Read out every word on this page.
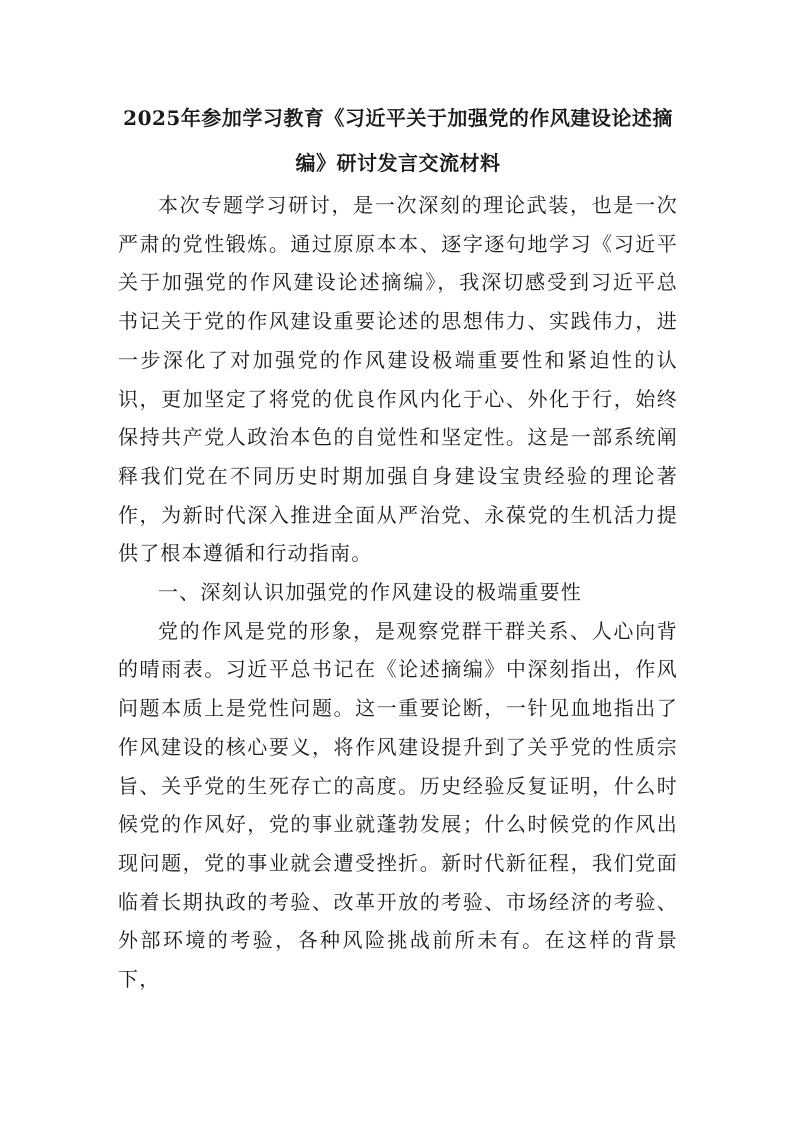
2025年参加学习教育《习近平关于加强党的作风建设论述摘编》研讨发言交流材料

本次专题学习研讨，是一次深刻的理论武装，也是一次严肃的党性锻炼。通过原原本本、逐字逐句地学习《习近平关于加强党的作风建设论述摘编》，我深切感受到习近平总书记关于党的作风建设重要论述的思想伟力、实践伟力，进一步深化了对加强党的作风建设极端重要性和紧迫性的认识，更加坚定了将党的优良作风内化于心、外化于行，始终保持共产党人政治本色的自觉性和坚定性。这是一部系统阐释我们党在不同历史时期加强自身建设宝贵经验的理论著作，为新时代深入推进全面从严治党、永葆党的生机活力提供了根本遵循和行动指南。

一、深刻认识加强党的作风建设的极端重要性

党的作风是党的形象，是观察党群干群关系、人心向背的晴雨表。习近平总书记在《论述摘编》中深刻指出，作风问题本质上是党性问题。这一重要论断，一针见血地指出了作风建设的核心要义，将作风建设提升到了关乎党的性质宗旨、关乎党的生死存亡的高度。历史经验反复证明，什么时候党的作风好，党的事业就蓬勃发展；什么时候党的作风出现问题，党的事业就会遭受挫折。新时代新征程，我们党面临着长期执政的考验、改革开放的考验、市场经济的考验、外部环境的考验，各种风险挑战前所未有。在这样的背景下，
